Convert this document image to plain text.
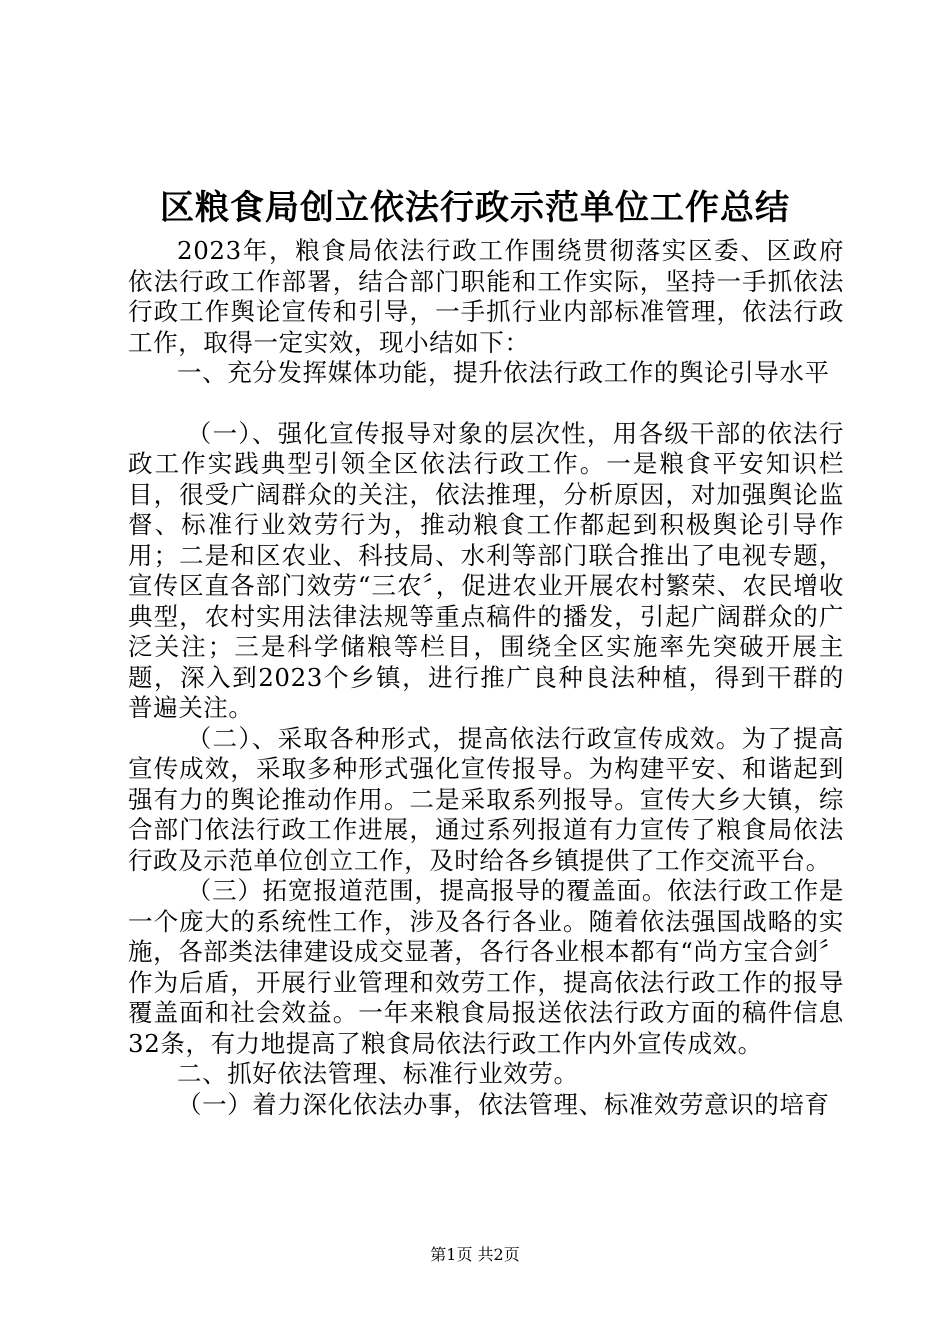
区粮食局创立依法行政示范单位工作总结

2023年，粮食局依法行政工作围绕贯彻落实区委、区政府依法行政工作部署，结合部门职能和工作实际，坚持一手抓依法行政工作舆论宣传和引导，一手抓行业内部标准管理，依法行政工作，取得一定实效，现小结如下：

一、充分发挥媒体功能，提升依法行政工作的舆论引导水平

（一）、强化宣传报导对象的层次性，用各级干部的依法行政工作实践典型引领全区依法行政工作。一是粮食平安知识栏目，很受广阔群众的关注，依法推理，分析原因，对加强舆论监督、标准行业效劳行为，推动粮食工作都起到积极舆论引导作用；二是和区农业、科技局、水利等部门联合推出了电视专题，宣传区直各部门效劳“三农〞，促进农业开展农村繁荣、农民增收典型，农村实用法律法规等重点稿件的播发，引起广阔群众的广泛关注；三是科学储粮等栏目，围绕全区实施率先突破开展主题，深入到2023个乡镇，进行推广良种良法种植，得到干群的普遍关注。

（二）、采取各种形式，提高依法行政宣传成效。为了提高宣传成效，采取多种形式强化宣传报导。为构建平安、和谐起到强有力的舆论推动作用。二是采取系列报导。宣传大乡大镇，综合部门依法行政工作进展，通过系列报道有力宣传了粮食局依法行政及示范单位创立工作，及时给各乡镇提供了工作交流平台。

（三）拓宽报道范围，提高报导的覆盖面。依法行政工作是一个庞大的系统性工作，涉及各行各业。随着依法强国战略的实施，各部类法律建设成交显著，各行各业根本都有“尚方宝合剑〞作为后盾，开展行业管理和效劳工作，提高依法行政工作的报导覆盖面和社会效益。一年来粮食局报送依法行政方面的稿件信息32条，有力地提高了粮食局依法行政工作内外宣传成效。

二、抓好依法管理、标准行业效劳。

（一）着力深化依法办事，依法管理、标准效劳意识的培育

第1页 共2页
